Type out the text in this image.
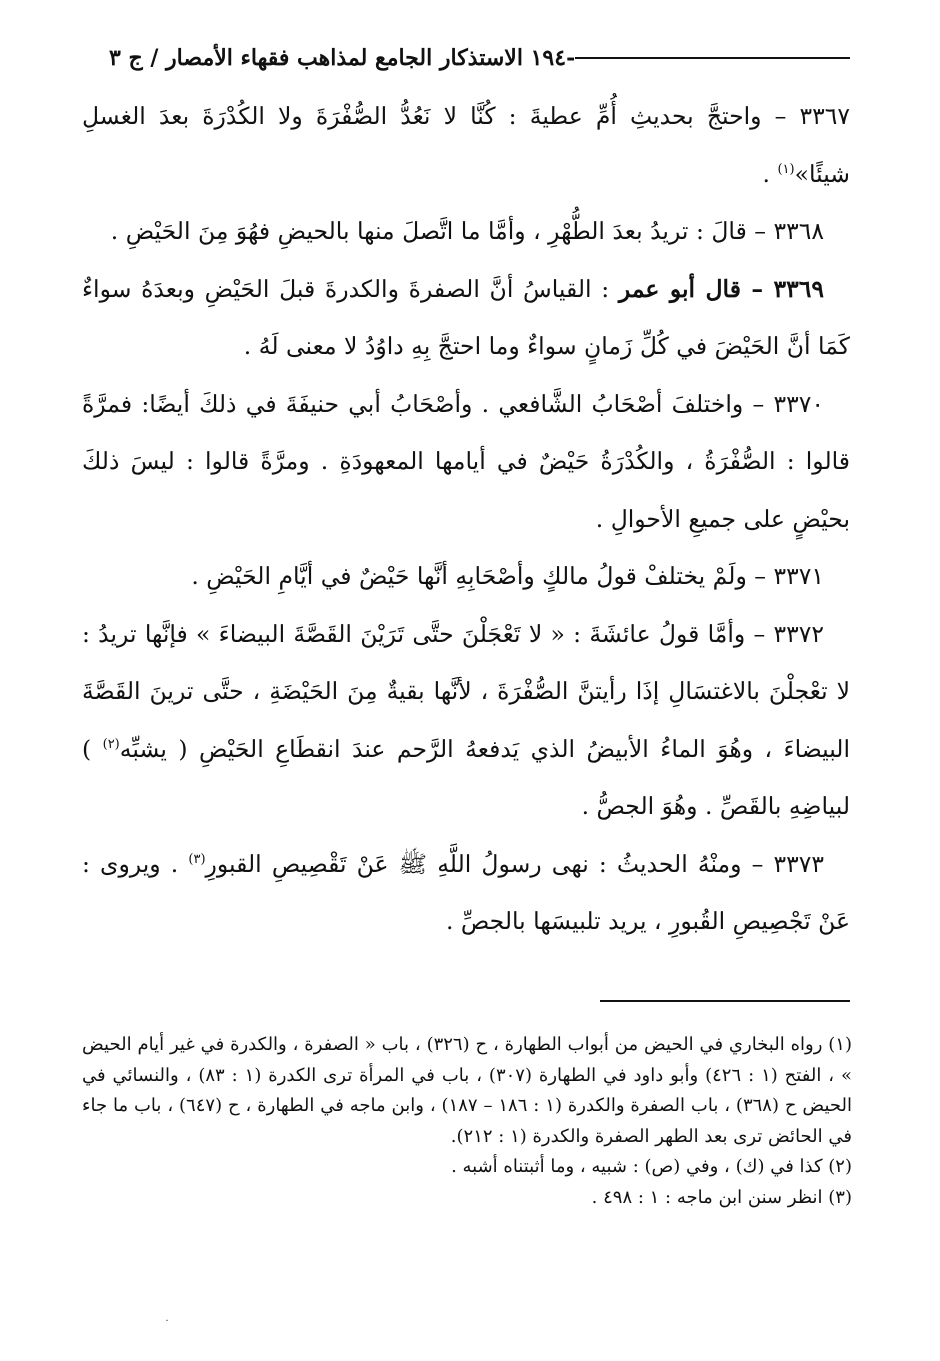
-١٩٤ الاستذكار الجامع لمذاهب فقهاء الأمصار / ج ٣

٣٣٦٧ – واحتجَّ بحديثِ أُمِّ عطيةَ : كُنَّا لا نَعُدُّ الصُّفْرَةَ ولا الكُدْرَةَ بعدَ الغسلِ شيئًا»$^{(١)}$ .

٣٣٦٨ – قالَ : تريدُ بعدَ الطُّهْرِ ، وأمَّا ما اتَّصلَ منها بالحيضِ فهُوَ مِنَ الحَيْضِ .

٣٣٦٩ – قال أبو عمر : القياسُ أنَّ الصفرةَ والكدرةَ قبلَ الحَيْضِ وبعدَهُ سواءٌ كَمَا أنَّ الحَيْضَ في كُلِّ زَمانٍ سواءٌ وما احتجَّ بِهِ داوُدُ لا معنى لَهُ .

٣٣٧٠ – واختلفَ أصْحَابُ الشَّافعي . وأصْحَابُ أبي حنيفَةَ في ذلكَ أيضًا: فمرَّةً قالوا : الصُّفْرَةُ ، والكُدْرَةُ حَيْضٌ في أيامها المعهودَةِ . ومرَّةً قالوا : ليسَ ذلكَ بحيْضٍ على جميعِ الأحوالِ .

٣٣٧١ – ولَمْ يختلفْ قولُ مالكٍ وأصْحَابِهِ أنَّها حَيْضٌ في أيَّامِ الحَيْضِ .

٣٣٧٢ – وأمَّا قولُ عائشَةَ : « لا تَعْجَلْنَ حتَّى تَرَيْنَ القَصَّةَ البيضاءَ » فإنَّها تريدُ : لا تعْجلْنَ بالاغتسَالِ إذَا رأيتنَّ الصُّفْرَةَ ، لأنَّها بقيةٌ مِنَ الحَيْضَةِ ، حتَّى ترينَ القَصَّةَ البيضاءَ ، وهُوَ الماءُ الأبيضُ الذي يَدفعهُ الرَّحم عندَ انقطَاعِ الحَيْضِ ( يشبِّه$^{(٢)}$ ) لبياضِهِ بالقَصِّ . وهُوَ الجصُّ .

٣٣٧٣ – ومنْهُ الحديثُ : نهى رسولُ اللَّهِ ﷺ عَنْ تَقْصِيصِ القبورِ$^{(٣)}$ . ويروى : عَنْ تَجْصِيصِ القُبورِ ، يريد تلبيسَها بالجصِّ .

(١) رواه البخاري في الحيض من أبواب الطهارة ، ح (٣٢٦) ، باب « الصفرة ، والكدرة في غير أيام الحيض » ، الفتح (١ : ٤٢٦) وأبو داود في الطهارة (٣٠٧) ، باب في المرأة ترى الكدرة (١ : ٨٣) ، والنسائي في الحيض ح (٣٦٨) ، باب الصفرة والكدرة (١ : ١٨٦ – ١٨٧) ، وابن ماجه في الطهارة ، ح (٦٤٧) ، باب ما جاء في الحائض ترى بعد الطهر الصفرة والكدرة (١ : ٢١٢).

(٢) كذا في (ك) ، وفي (ص) : شبيه ، وما أثبتناه أشبه .

(٣) انظر سنن ابن ماجه : ١ : ٤٩٨ .

˙
